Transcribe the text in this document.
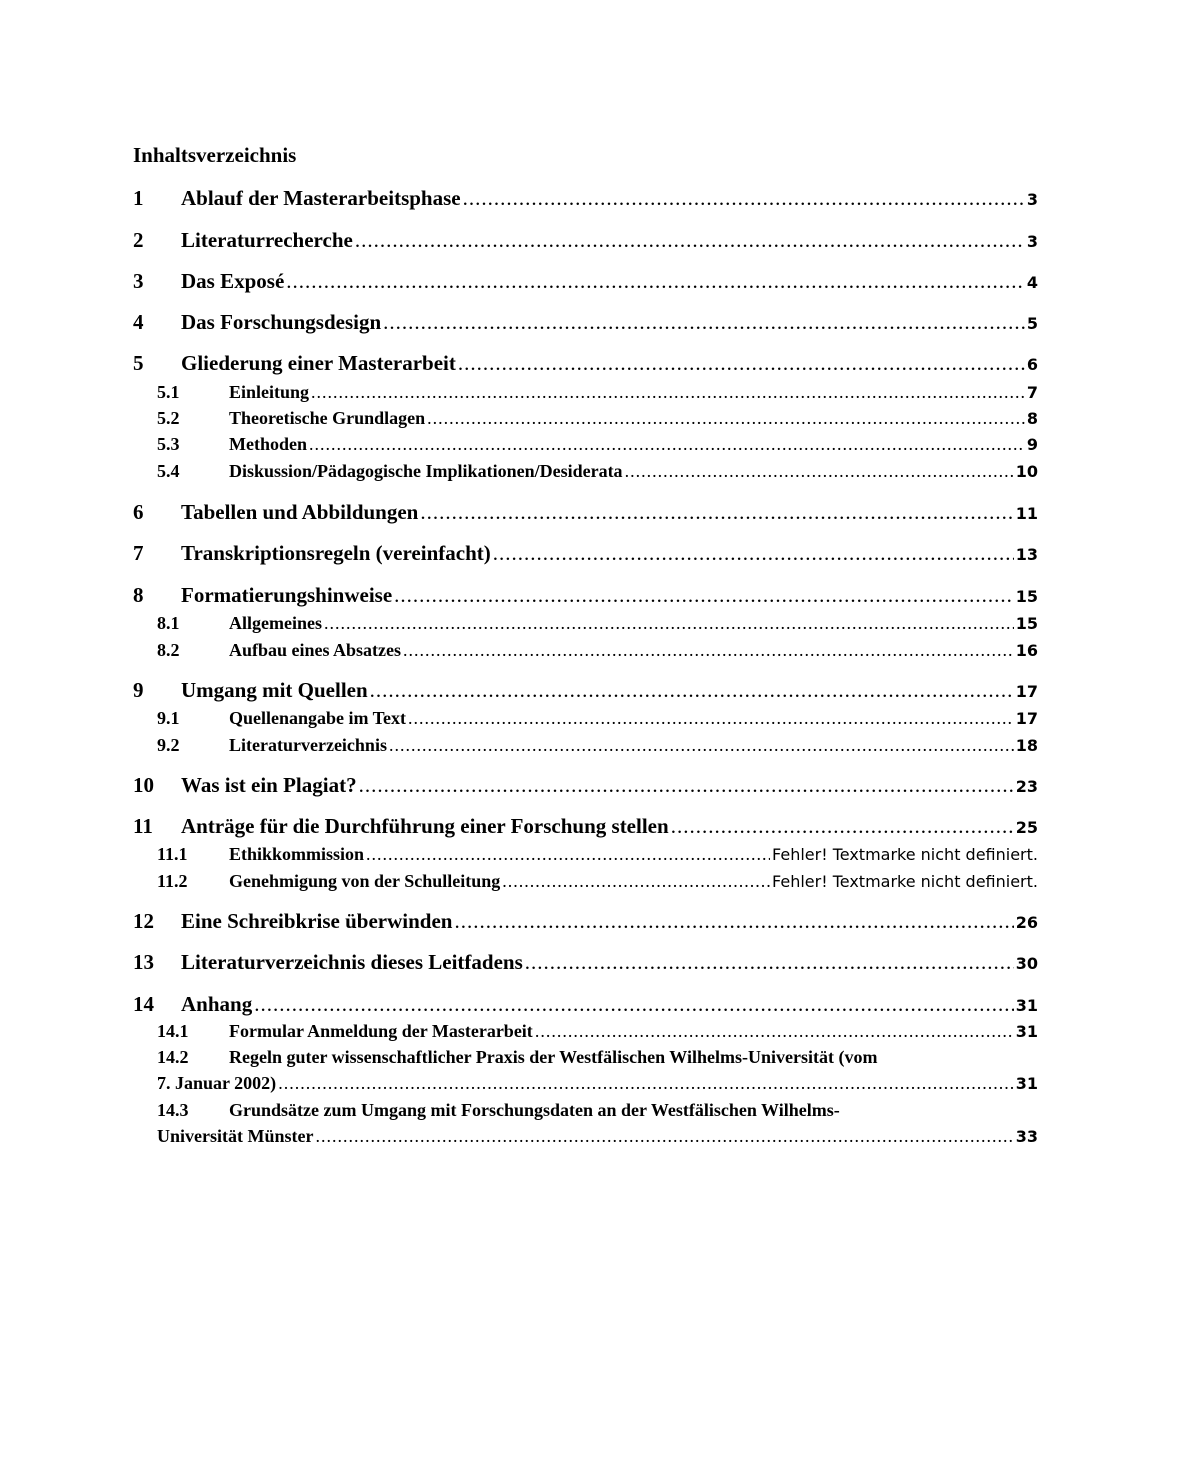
Inhaltsverzeichnis
1	Ablauf der Masterarbeitsphase .....	3
2	Literaturrecherche .....	3
3	Das Exposé .....	4
4	Das Forschungsdesign .....	5
5	Gliederung einer Masterarbeit .....	6
5.1	Einleitung .....	7
5.2	Theoretische Grundlagen .....	8
5.3	Methoden .....	9
5.4	Diskussion/Pädagogische Implikationen/Desiderata .....	10
6	Tabellen und Abbildungen .....	11
7	Transkriptionsregeln (vereinfacht) .....	13
8	Formatierungshinweise .....	15
8.1	Allgemeines .....	15
8.2	Aufbau eines Absatzes .....	16
9	Umgang mit Quellen .....	17
9.1	Quellenangabe im Text .....	17
9.2	Literaturverzeichnis .....	18
10	Was ist ein Plagiat? .....	23
11	Anträge für die Durchführung einer Forschung stellen .....	25
11.1	Ethikkommission .....	Fehler! Textmarke nicht definiert.
11.2	Genehmigung von der Schulleitung .....	Fehler! Textmarke nicht definiert.
12	Eine Schreibkrise überwinden .....	26
13	Literaturverzeichnis dieses Leitfadens .....	30
14	Anhang .....	31
14.1	Formular Anmeldung der Masterarbeit .....	31
14.2	Regeln guter wissenschaftlicher Praxis der Westfälischen Wilhelms-Universität (vom
7. Januar 2002) .....	31
14.3	Grundsätze zum Umgang mit Forschungsdaten an der Westfälischen Wilhelms-
Universität Münster .....	33
